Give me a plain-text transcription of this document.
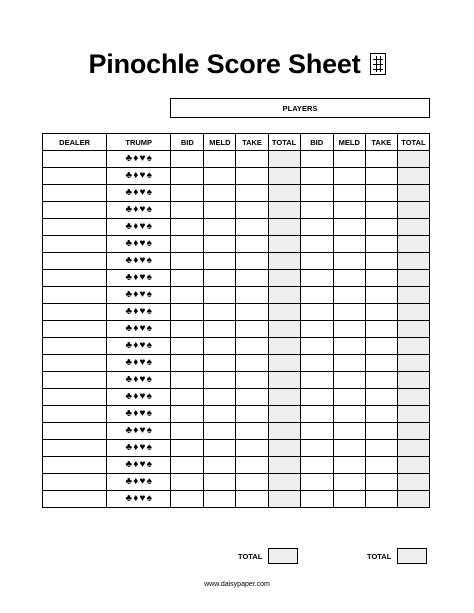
Pinochle Score Sheet
PLAYERS
DEALER	TRUMP	BID	MELD	TAKE	TOTAL	BID	MELD	TAKE	TOTAL
	♣♦♥♠								
	♣♦♥♠								
	♣♦♥♠								
	♣♦♥♠								
	♣♦♥♠								
	♣♦♥♠								
	♣♦♥♠								
	♣♦♥♠								
	♣♦♥♠								
	♣♦♥♠								
	♣♦♥♠								
	♣♦♥♠								
	♣♦♥♠								
	♣♦♥♠								
	♣♦♥♠								
	♣♦♥♠								
	♣♦♥♠								
	♣♦♥♠								
	♣♦♥♠								
	♣♦♥♠								
	♣♦♥♠								
TOTAL	TOTAL
www.daisypaper.com
